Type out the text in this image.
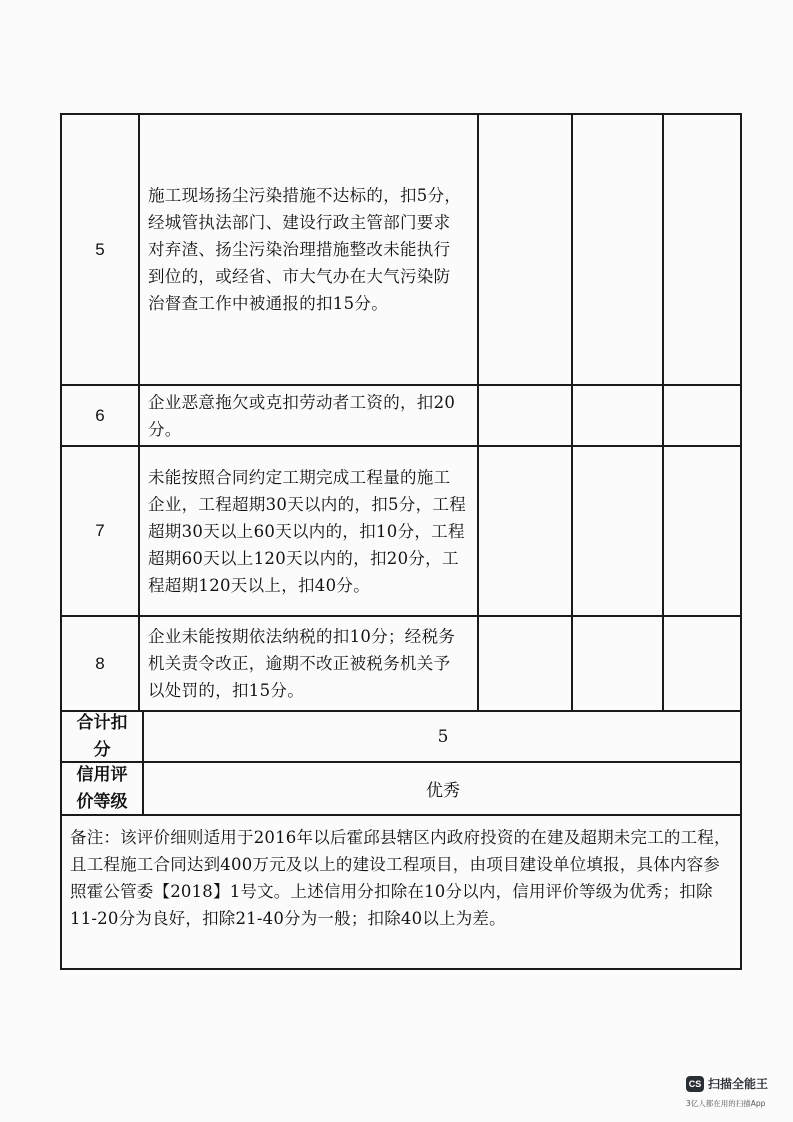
5
施工现场扬尘污染措施不达标的，扣5分，经城管执法部门、建设行政主管部门要求对弃渣、扬尘污染治理措施整改未能执行到位的，或经省、市大气办在大气污染防治督查工作中被通报的扣15分。
6
企业恶意拖欠或克扣劳动者工资的，扣20分。
7
未能按照合同约定工期完成工程量的施工企业，工程超期30天以内的，扣5分，工程超期30天以上60天以内的，扣10分，工程超期60天以上120天以内的，扣20分，工程超期120天以上，扣40分。
8
企业未能按期依法纳税的扣10分；经税务机关责令改正，逾期不改正被税务机关予以处罚的，扣15分。
合计扣分
5
信用评价等级
优秀
备注：该评价细则适用于2016年以后霍邱县辖区内政府投资的在建及超期未完工的工程，且工程施工合同达到400万元及以上的建设工程项目，由项目建设单位填报，具体内容参照霍公管委【2018】1号文。上述信用分扣除在10分以内，信用评价等级为优秀；扣除11-20分为良好，扣除21-40分为一般；扣除40以上为差。
CS 扫描全能王
3亿人都在用的扫描App
